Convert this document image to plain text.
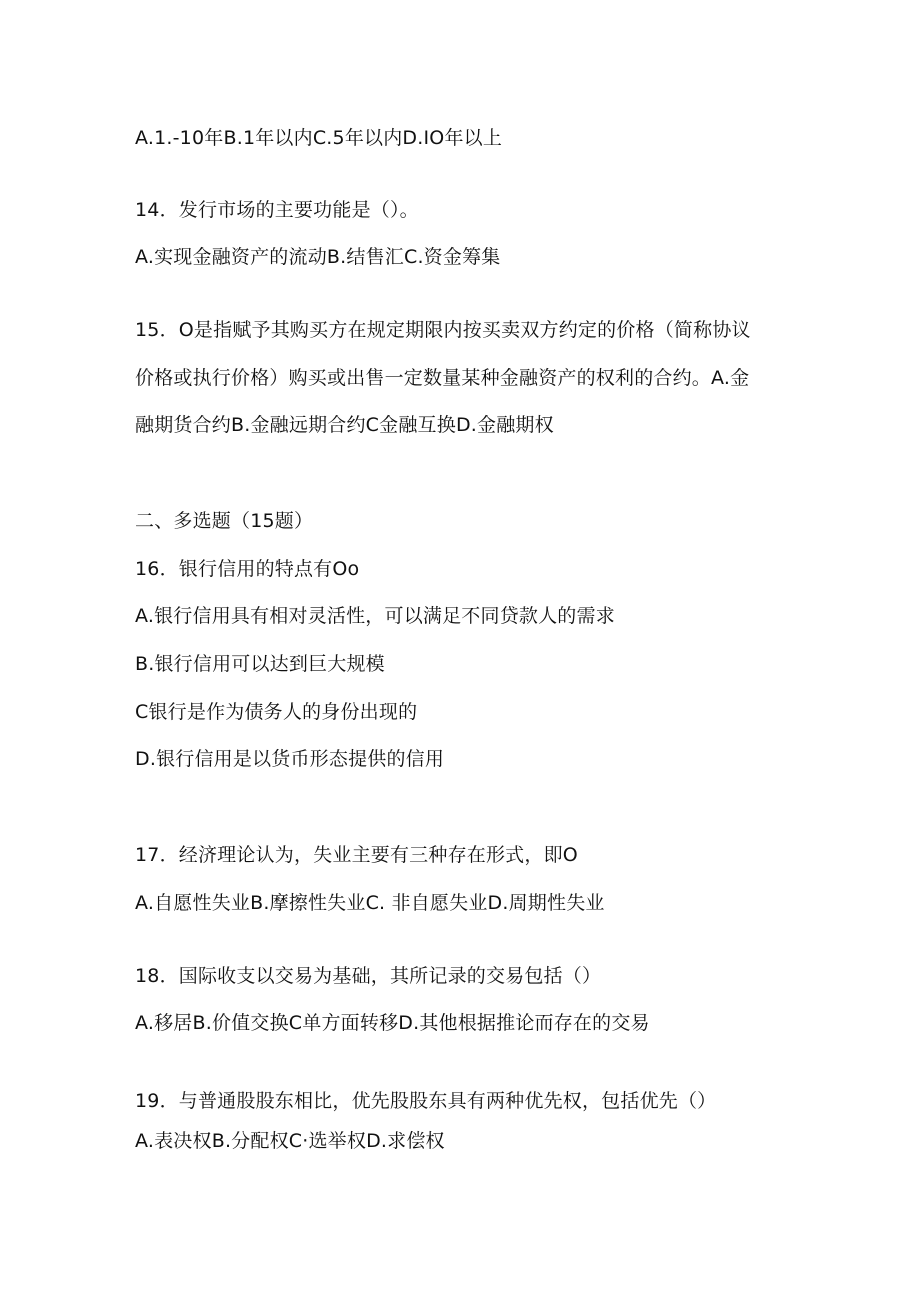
A.1.-10年B.1年以内C.5年以内D.IO年以上
14．发行市场的主要功能是（）。
A.实现金融资产的流动B.结售汇C.资金筹集
15．O是指赋予其购买方在规定期限内按买卖双方约定的价格（简称协议
价格或执行价格）购买或出售一定数量某种金融资产的权利的合约。A.金
融期货合约B.金融远期合约C金融互换D.金融期权
二、多选题（15题）
16．银行信用的特点有Oo
A.银行信用具有相对灵活性，可以满足不同贷款人的需求
B.银行信用可以达到巨大规模
C银行是作为债务人的身份出现的
D.银行信用是以货币形态提供的信用
17．经济理论认为，失业主要有三种存在形式，即O
A.自愿性失业B.摩擦性失业C. 非自愿失业D.周期性失业
18．国际收支以交易为基础，其所记录的交易包括（）
A.移居B.价值交换C单方面转移D.其他根据推论而存在的交易
19．与普通股股东相比，优先股股东具有两种优先权，包括优先（）
A.表决权B.分配权C·选举权D.求偿权
